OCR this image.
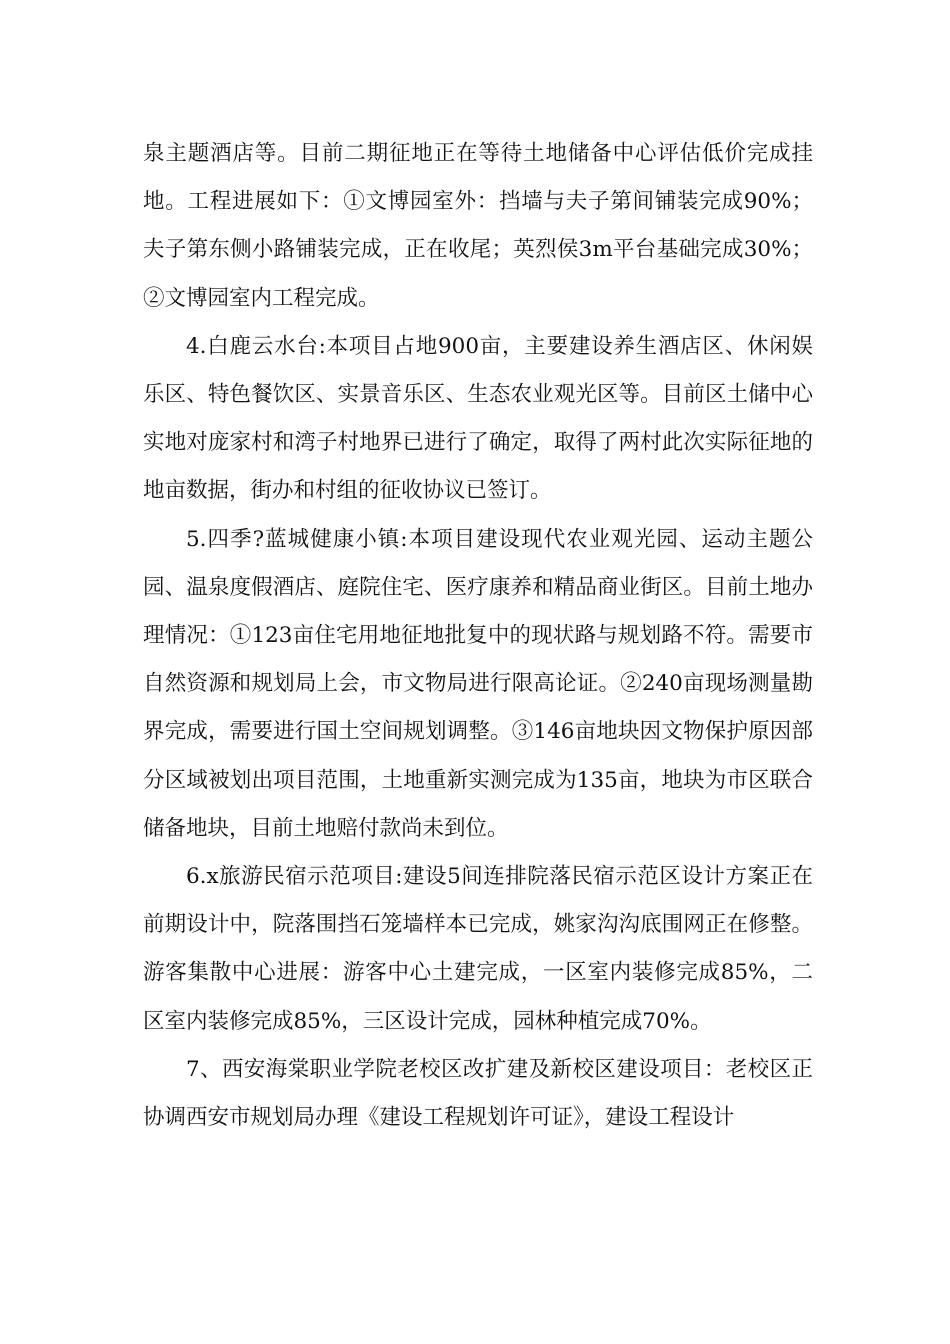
泉主题酒店等。目前二期征地正在等待土地储备中心评估低价完成挂地。工程进展如下：①文博园室外：挡墙与夫子第间铺装完成90%；夫子第东侧小路铺装完成，正在收尾；英烈侯3m平台基础完成30%；②文博园室内工程完成。

4.白鹿云水台:本项目占地900亩，主要建设养生酒店区、休闲娱乐区、特色餐饮区、实景音乐区、生态农业观光区等。目前区土储中心实地对庞家村和湾子村地界已进行了确定，取得了两村此次实际征地的地亩数据，街办和村组的征收协议已签订。

5.四季?蓝城健康小镇:本项目建设现代农业观光园、运动主题公园、温泉度假酒店、庭院住宅、医疗康养和精品商业街区。目前土地办理情况：①123亩住宅用地征地批复中的现状路与规划路不符。需要市自然资源和规划局上会，市文物局进行限高论证。②240亩现场测量勘界完成，需要进行国土空间规划调整。③146亩地块因文物保护原因部分区域被划出项目范围，土地重新实测完成为135亩，地块为市区联合储备地块，目前土地赔付款尚未到位。

6.x旅游民宿示范项目:建设5间连排院落民宿示范区设计方案正在前期设计中，院落围挡石笼墙样本已完成，姚家沟沟底围网正在修整。游客集散中心进展：游客中心土建完成，一区室内装修完成85%，二区室内装修完成85%，三区设计完成，园林种植完成70%。

7、西安海棠职业学院老校区改扩建及新校区建设项目：老校区正协调西安市规划局办理《建设工程规划许可证》，建设工程设计
